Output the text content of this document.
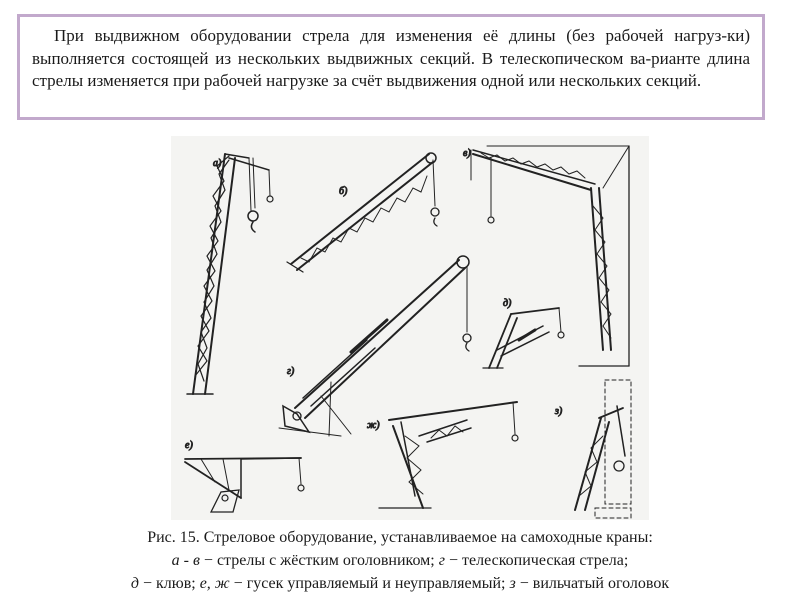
При выдвижном оборудовании стрела для изменения её длины (без рабочей нагруз-ки) выполняется состоящей из нескольких выдвижных секций. В телескопическом ва-рианте длина стрелы изменяется при рабочей нагрузке за счёт выдвижения одной или нескольких секций.

а)
б)
в)
г)
д)
е)
ж)
з)
Рис. 15. Стреловое оборудование, устанавливаемое на самоходные краны:
а - в − стрелы с жёстким оголовником; г − телескопическая стрела;
д − клюв; е, ж − гусек управляемый и неуправляемый; з − вильчатый оголовок
